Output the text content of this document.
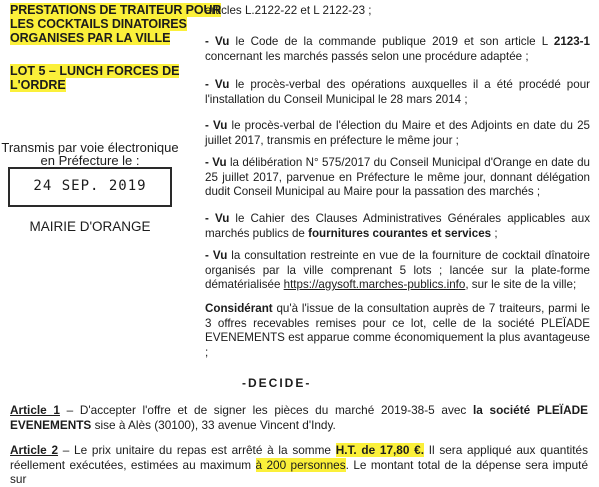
PRESTATIONS DE TRAITEUR POUR
LES COCKTAILS DINATOIRES
ORGANISES PAR LA VILLE
LOT 5 – LUNCH FORCES DE
L'ORDRE
Transmis par voie électronique
en Préfecture le :
24 SEP. 2019
MAIRIE D'ORANGE
articles L.2122-22 et L 2122-23 ;
- Vu le Code de la commande publique 2019 et son article L 2123-1 concernant les marchés passés selon une procédure adaptée ;
- Vu le procès-verbal des opérations auxquelles il a été procédé pour l'installation du Conseil Municipal le 28 mars 2014 ;
- Vu le procès-verbal de l'élection du Maire et des Adjoints en date du 25 juillet 2017, transmis en préfecture le même jour ;
- Vu la délibération N° 575/2017 du Conseil Municipal d'Orange en date du 25 juillet 2017, parvenue en Préfecture le même jour, donnant délégation dudit Conseil Municipal au Maire pour la passation des marchés ;
- Vu le Cahier des Clauses Administratives Générales applicables aux marchés publics de fournitures courantes et services ;
- Vu la consultation restreinte en vue de la fourniture de cocktail dînatoire organisés par la ville comprenant 5 lots ; lancée sur la plate-forme dématérialisée https://agysoft.marches-publics.info, sur le site de la ville;
Considérant qu'à l'issue de la consultation auprès de 7 traiteurs, parmi le 3 offres recevables remises pour ce lot, celle de la société PLEÏADE EVENEMENTS est apparue comme économiquement la plus avantageuse ;
-DECIDE-
Article 1 – D'accepter l'offre et de signer les pièces du marché 2019-38-5 avec la société PLEÏADE EVENEMENTS sise à Alès (30100), 33 avenue Vincent d'Indy.
Article 2 – Le prix unitaire du repas est arrêté à la somme H.T. de 17,80 €. Il sera appliqué aux quantités réellement exécutées, estimées au maximum à 200 personnes. Le montant total de la dépense sera imputé sur
